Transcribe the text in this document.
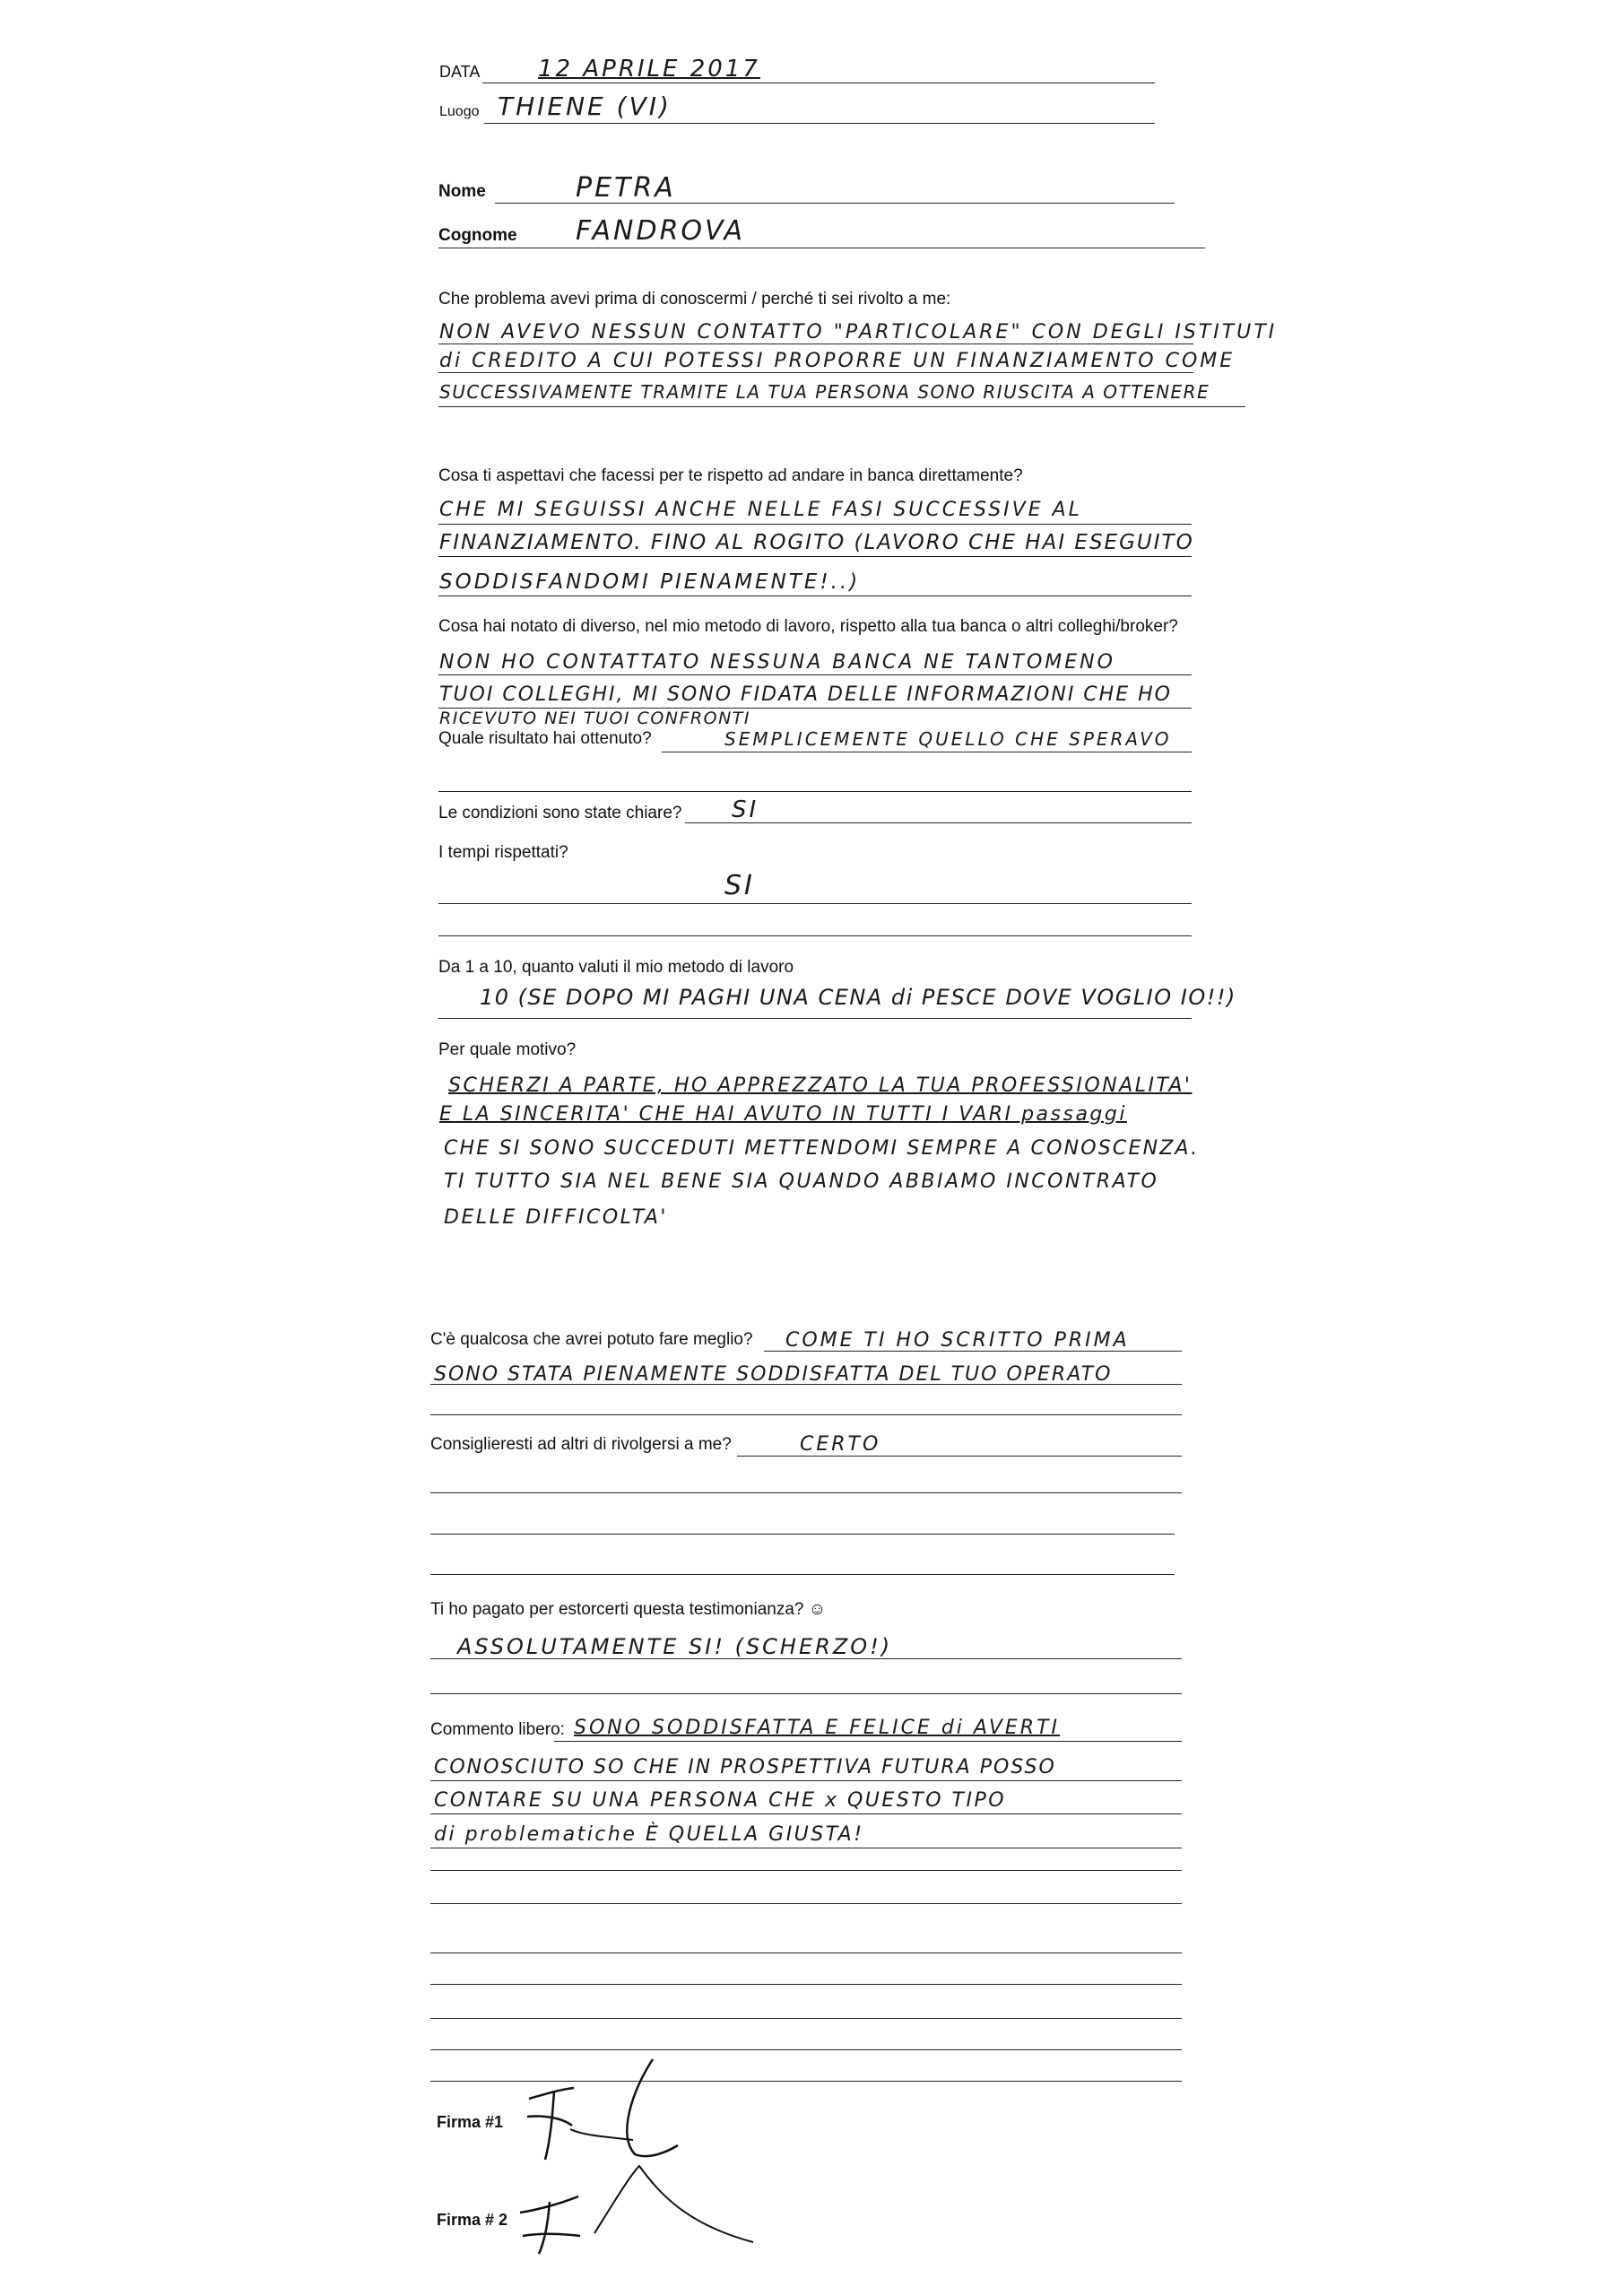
DATA 12 APRILE 2017
Luogo THIENE (VI)
Nome	PETRA
Cognome FANDROVA
Che problema avevi prima di conoscermi / perché ti sei rivolto a me:
NON AVEVO NESSUN CONTATTO "PARTICOLARE" CON DEGLI ISTITUTI
di CREDITO A CUI POTESSI PROPORRE UN FINANZIAMENTO COME
SUCCESSIVAMENTE TRAMITE LA TUA PERSONA SONO RIUSCITA A OTTENERE
Cosa ti aspettavi che facessi per te rispetto ad andare in banca direttamente?
CHE MI SEGUISSI ANCHE NELLE FASI SUCCESSIVE AL
FINANZIAMENTO. FINO AL ROGITO (LAVORO CHE HAI ESEGUITO
SODDISFANDOMI PIENAMENTE!..)
Cosa hai notato di diverso, nel mio metodo di lavoro, rispetto alla tua banca o altri colleghi/broker?
NON HO CONTATTATO NESSUNA BANCA NE TANTOMENO
TUOI COLLEGHI, MI SONO FIDATA DELLE INFORMAZIONI CHE HO
RICEVUTO NEI TUOI CONFRONTI
Quale risultato hai ottenuto?	SEMPLICEMENTE QUELLO CHE SPERAVO
Le condizioni sono state chiare? SI
I tempi rispettati?
SI
Da 1 a 10, quanto valuti il mio metodo di lavoro
10 (SE DOPO MI PAGHI UNA CENA di PESCE DOVE VOGLIO IO!!)
Per quale motivo?
SCHERZI A PARTE, HO APPREZZATO LA TUA PROFESSIONALITA'
E LA SINCERITA' CHE HAI AVUTO IN TUTTI I VARI passaggi
CHE SI SONO SUCCEDUTI METTENDOMI SEMPRE A CONOSCENZA.
TI TUTTO SIA NEL BENE SIA QUANDO ABBIAMO INCONTRATO
DELLE DIFFICOLTA'
C'è qualcosa che avrei potuto fare meglio? COME TI HO SCRITTO PRIMA
SONO STATA PIENAMENTE SODDISFATTA DEL TUO OPERATO
Consiglieresti ad altri di rivolgersi a me?	CERTO
Ti ho pagato per estorcerti questa testimonianza? ☺
ASSOLUTAMENTE SI! (SCHERZO!)
Commento libero: SONO SODDISFATTA E FELICE di AVERTI
CONOSCIUTO SO CHE IN PROSPETTIVA FUTURA POSSO
CONTARE SU UNA PERSONA CHE x QUESTO TIPO
di problematiche È QUELLA GIUSTA!
Firma #1
Firma # 2
